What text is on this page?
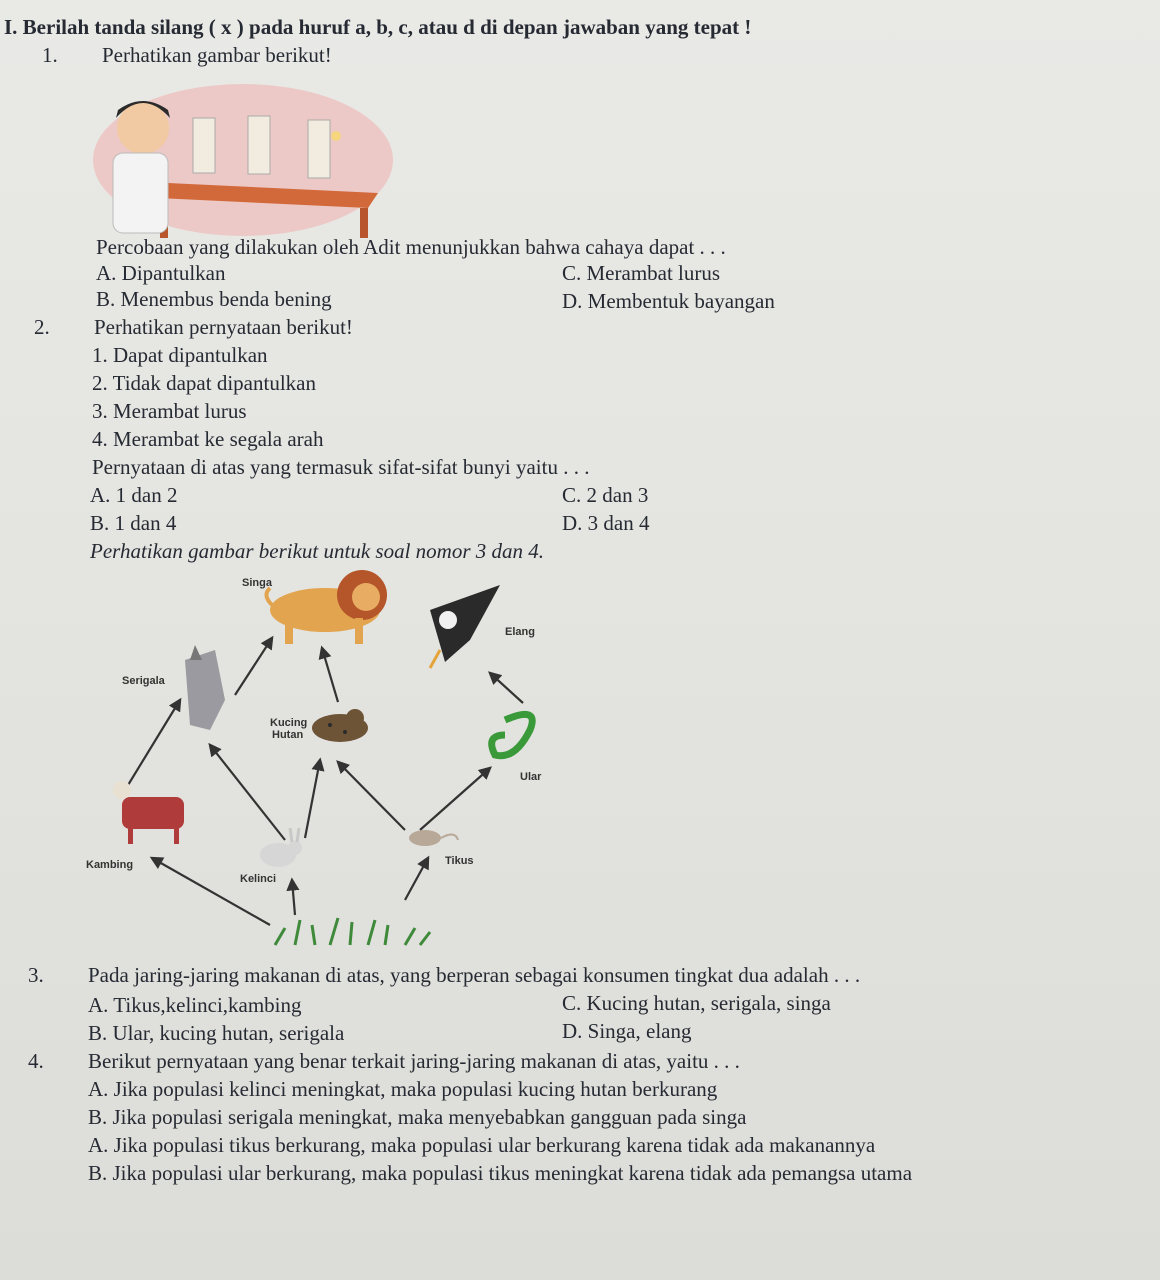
I. Berilah tanda silang ( x ) pada huruf a, b, c, atau d di depan jawaban yang tepat !
1. Perhatikan gambar berikut!
Percobaan yang dilakukan oleh Adit menunjukkan bahwa cahaya dapat . . .
A. Dipantulkan	C. Merambat lurus
B. Menembus benda bening	D. Membentuk bayangan
2. Perhatikan pernyataan berikut!
1. Dapat dipantulkan
2. Tidak dapat dipantulkan
3. Merambat lurus
4. Merambat ke segala arah
Pernyataan di atas yang termasuk sifat-sifat bunyi yaitu . . .
A. 1 dan 2	C. 2 dan 3
B. 1 dan 4	D. 3 dan 4
Perhatikan gambar berikut untuk soal nomor 3 dan 4.
Singa
Elang
Serigala
Kucing
Hutan
Ular
Kambing
Kelinci
Tikus
3. Pada jaring-jaring makanan di atas, yang berperan sebagai konsumen tingkat dua adalah . . .
A. Tikus,kelinci,kambing	C. Kucing hutan, serigala, singa
B. Ular, kucing hutan, serigala	D. Singa, elang
4. Berikut pernyataan yang benar terkait jaring-jaring makanan di atas, yaitu . . .
A. Jika populasi kelinci meningkat, maka populasi kucing hutan berkurang
B. Jika populasi serigala meningkat, maka menyebabkan gangguan pada singa
A. Jika populasi tikus berkurang, maka populasi ular berkurang karena tidak ada makanannya
B. Jika populasi ular berkurang, maka populasi tikus meningkat karena tidak ada pemangsa utama
